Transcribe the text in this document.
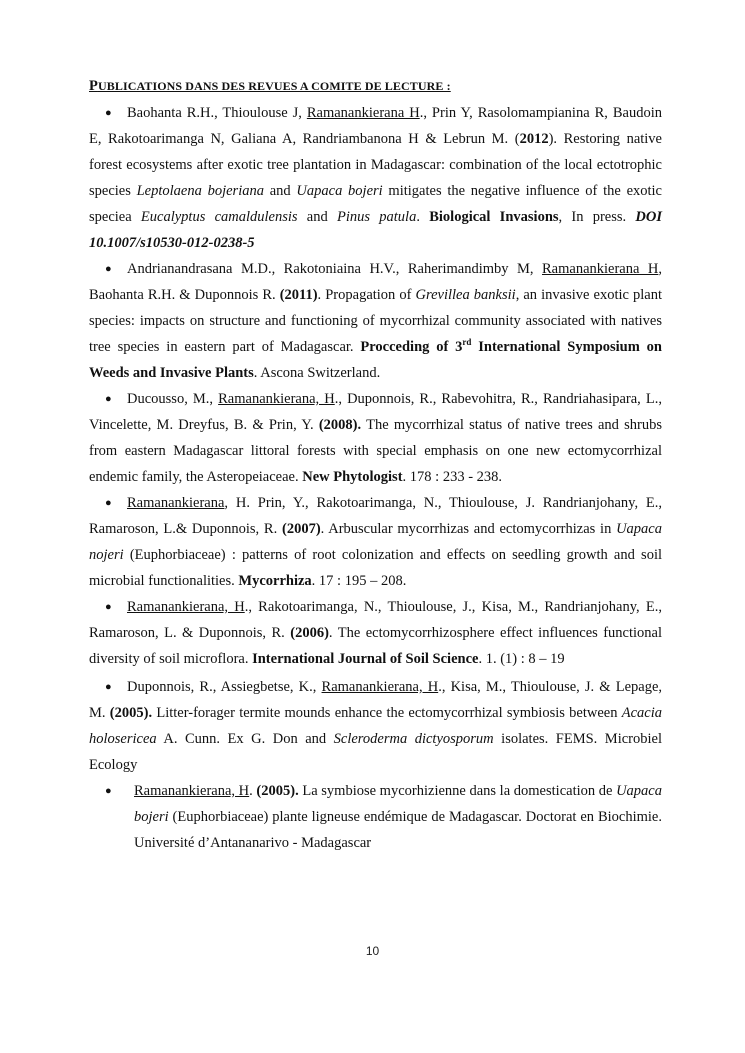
PUBLICATIONS DANS DES REVUES A COMITE DE LECTURE :
● Baohanta R.H., Thioulouse J, Ramanankierana H., Prin Y, Rasolomampianina R, Baudoin E, Rakotoarimanga N, Galiana A, Randriambanona H & Lebrun M. (2012). Restoring native forest ecosystems after exotic tree plantation in Madagascar: combination of the local ectotrophic species Leptolaena bojeriana and Uapaca bojeri mitigates the negative influence of the exotic speciea Eucalyptus camaldulensis and Pinus patula. Biological Invasions, In press. DOI 10.1007/s10530-012-0238-5
● Andrianandrasana M.D., Rakotoniaina H.V., Raherimandimby M, Ramanankierana H, Baohanta R.H. & Duponnois R. (2011). Propagation of Grevillea banksii, an invasive exotic plant species: impacts on structure and functioning of mycorrhizal community associated with natives tree species in eastern part of Madagascar. Procceding of 3rd International Symposium on Weeds and Invasive Plants. Ascona Switzerland.
● Ducousso, M., Ramanankierana, H., Duponnois, R., Rabevohitra, R., Randriahasipara, L., Vincelette, M. Dreyfus, B. & Prin, Y. (2008). The mycorrhizal status of native trees and shrubs from eastern Madagascar littoral forests with special emphasis on one new ectomycorrhizal endemic family, the Asteropeiaceae. New Phytologist. 178 : 233 - 238.
● Ramanankierana, H. Prin, Y., Rakotoarimanga, N., Thioulouse, J. Randrianjohany, E., Ramaroson, L.& Duponnois, R. (2007). Arbuscular mycorrhizas and ectomycorrhizas in Uapaca nojeri (Euphorbiaceae) : patterns of root colonization and effects on seedling growth and soil microbial functionalities. Mycorrhiza. 17 : 195 – 208.
● Ramanankierana, H., Rakotoarimanga, N., Thioulouse, J., Kisa, M., Randrianjohany, E., Ramaroson, L. & Duponnois, R. (2006). The ectomycorrhizosphere effect influences functional diversity of soil microflora. International Journal of Soil Science. 1. (1) : 8 – 19
● Duponnois, R., Assiegbetse, K., Ramanankierana, H., Kisa, M., Thioulouse, J. & Lepage, M. (2005). Litter-forager termite mounds enhance the ectomycorrhizal symbiosis between Acacia holosericea A. Cunn. Ex G. Don and Scleroderma dictyosporum isolates. FEMS. Microbiel Ecology
●	Ramanankierana, H. (2005). La symbiose mycorhizienne dans la domestication de Uapaca bojeri (Euphorbiaceae) plante ligneuse endémique de Madagascar. Doctorat en Biochimie. Université d’Antananarivo - Madagascar
10
